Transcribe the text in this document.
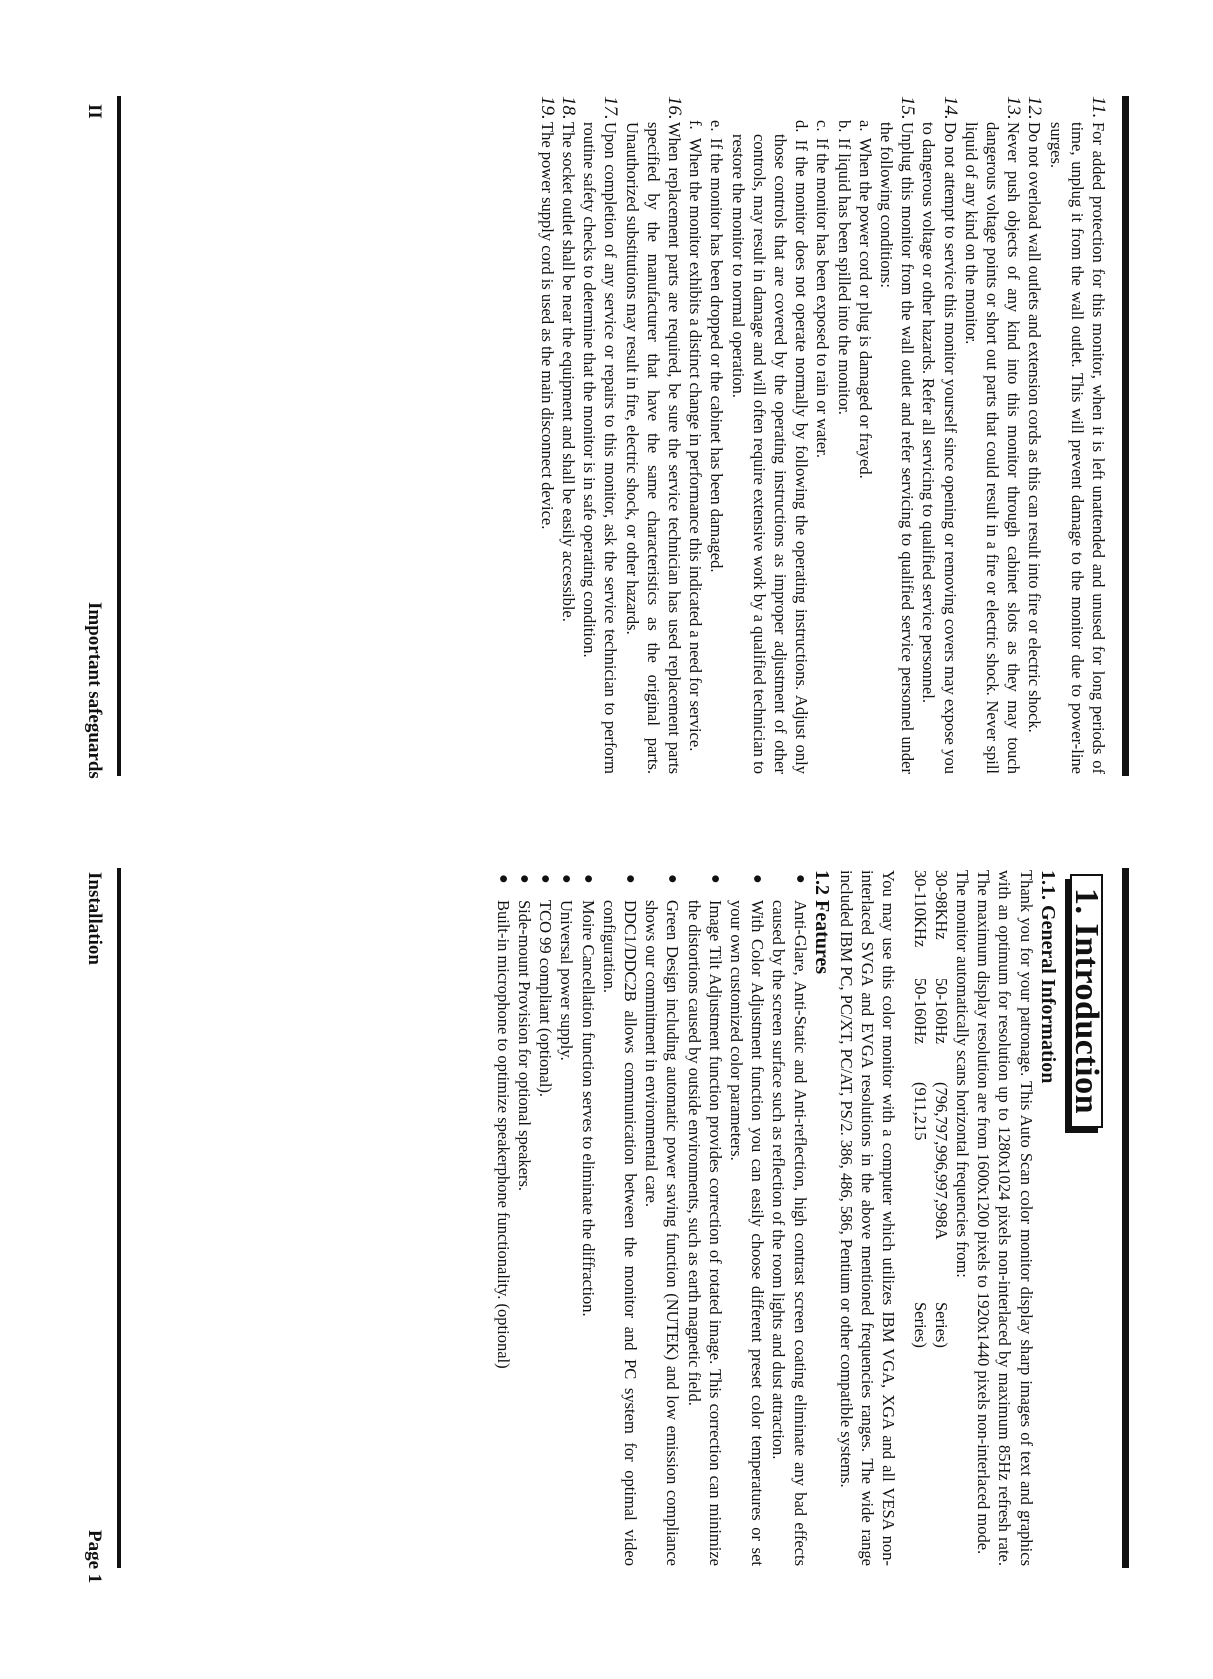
11.
For added protection for this monitor, when it is left unattended and unused for long periods of time, unplug it from the wall outlet. This will prevent damage to the monitor due to power-line surges.
12.
Do not overload wall outlets and extension cords as this can result into fire or electric shock.
13.
Never push objects of any kind into this monitor through cabinet slots as they may touch dangerous voltage points or short out parts that could result in a fire or electric shock. Never spill liquid of any kind on the monitor.
14.
Do not attempt to service this monitor yourself since opening or removing covers may expose you to dangerous voltage or other hazards. Refer all servicing to qualified service personnel.
15.
Unplug this monitor from the wall outlet and refer servicing to qualified service personnel under the following conditions:
a. When the power cord or plug is damaged or frayed.
b. If liquid has been spilled into the monitor.
c. If the monitor has been exposed to rain or water.
d. If the monitor does not operate normally by following the operating instructions. Adjust only those controls that are covered by the operating instructions as improper adjustment of other controls, may result in damage and will often require extensive work by a qualified technician to restore the monitor to normal operation.
e. If the monitor has been dropped or the cabinet has been damaged.
f. When the monitor exhibits a distinct change in performance this indicated a need for service.
16.
When replacement parts are required, be sure the service technician has used replacement parts specified by the manufacturer that have the same characteristics as the original parts. Unauthorized substitutions may result in fire, electric shock, or other hazards.
17.
Upon completion of any service or repairs to this monitor, ask the service technician to perform routine safety checks to determine that the monitor is in safe operating condition.
18.
The socket outlet shall be near the equipment and shall be easily accessible.
19.
The power supply cord is used as the main disconnect device.
II
Important safeguards
1. Introduction
1.1. General Information

Thank you for your patronage. This Auto Scan color monitor display sharp images of text and graphics with an optimum for resolution up to 1280x1024 pixels non-interlaced by maximum 85Hz refresh rate. The maximum display resolution are from 1600x1200 pixels to 1920x1440 pixels non-interlaced mode.

The monitor automatically scans horizontal frequencies from:

30-98KHz
50-160Hz
(796,797,996,997,998A
Series)
30-110KHz
50-160Hz
(911,215
Series)

You may use this color monitor with a computer which utilizes IBM VGA, XGA and all VESA non-interlaced SVGA and EVGA resolutions in the above mentioned frequencies ranges. The wide range included IBM PC, PC/XT, PC/AT, PS/2. 386, 486, 586, Pentium or other compatible systems.

1.2 Features
●
Anti-Glare, Anti-Static and Anti-reflection, high contrast screen coating eliminate any bad effects caused by the screen surface such as reflection of the room lights and dust attraction.
●
With Color Adjustment function you can easily choose different preset color temperatures or set your own customized color parameters.
●
Image Tilt Adjustment function provides correction of rotated image. This correction can minimize the distortions caused by outside environments, such as earth magnetic field.
●
Green Design including automatic power saving function (NUTEK) and low emission compliance shows our commitment in environmental care.
●
DDC1/DDC2B allows communication between the monitor and PC system for optimal video configuration.
●
Moire Cancellation function serves to eliminate the diffraction.
●
Universal power supply.
●
TCO 99 compliant (optional).
●
Side-mount Provision for optional speakers.
●
Built-in microphone to optimize speakerphone functionality. (optional)
Installation
Page 1
